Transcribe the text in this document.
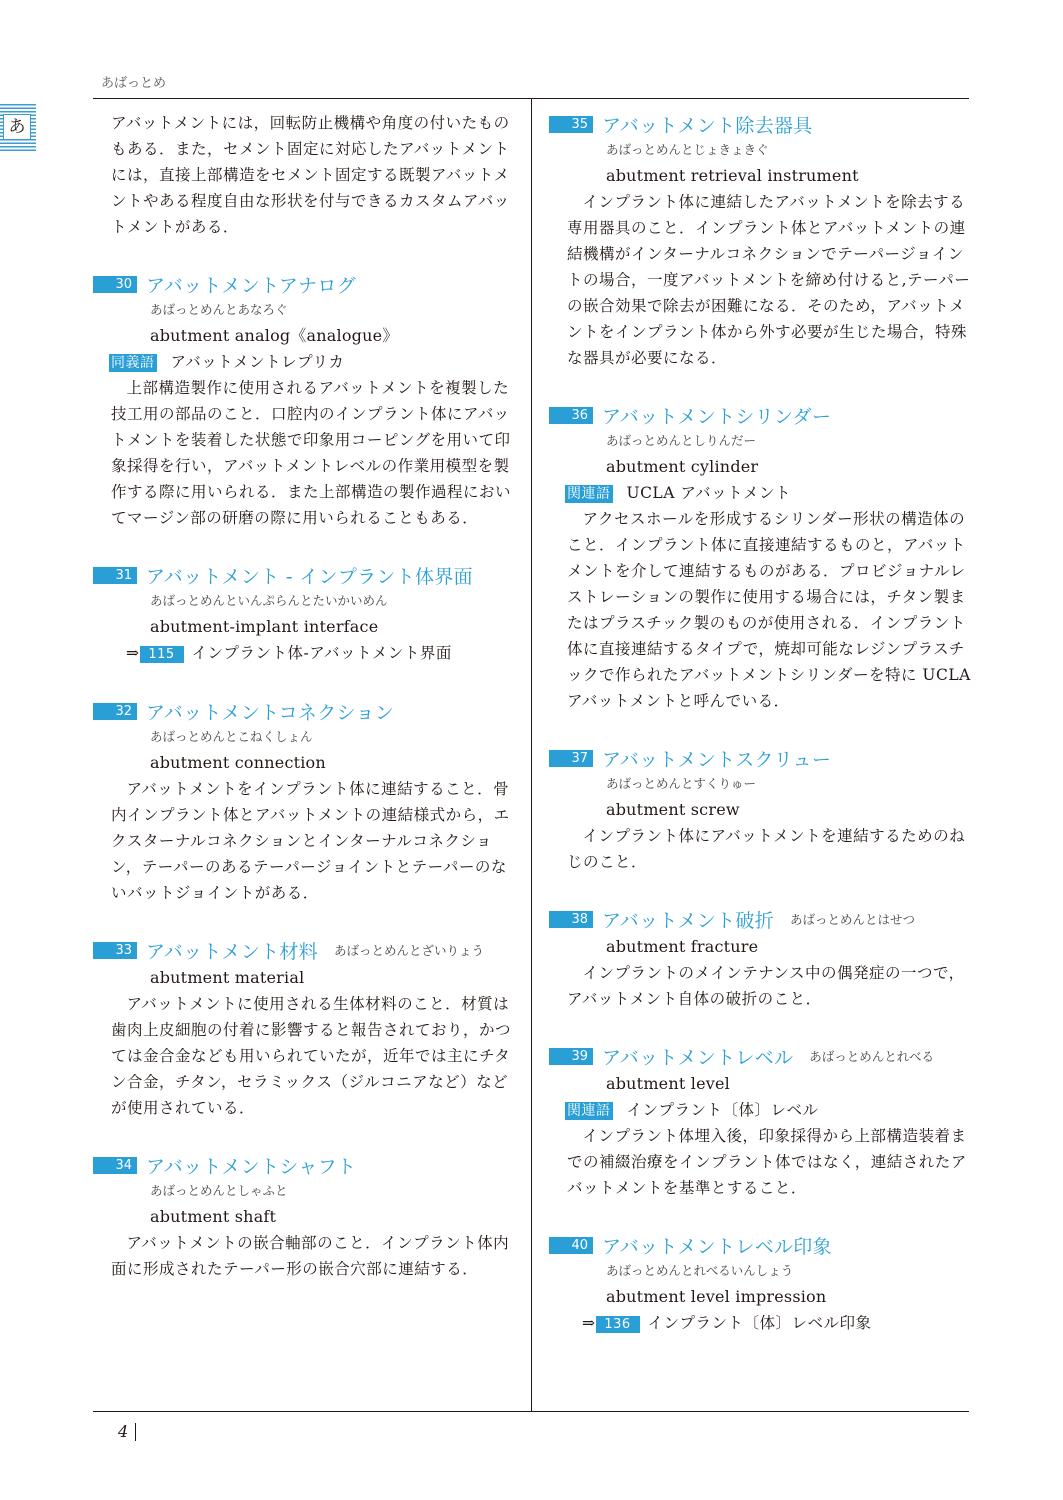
あばっとめ
あ	アバットメントには，回転防止機構や角度の付いたものもある．また，セメント固定に対応したアバットメントには，直接上部構造をセメント固定する既製アバットメントやある程度自由な形状を付与できるカスタムアバットメントがある．

30 アバットメントアナログ
あばっとめんとあなろぐ
abutment analog《analogue》
同義語 アバットメントレプリカ

上部構造製作に使用されるアバットメントを複製した技工用の部品のこと．口腔内のインプラント体にアバットメントを装着した状態で印象用コーピングを用いて印象採得を行い，アバットメントレベルの作業用模型を製作する際に用いられる．また上部構造の製作過程においてマージン部の研磨の際に用いられることもある．

31 アバットメント - インプラント体界面
あばっとめんといんぷらんとたいかいめん
abutment-implant interface
⇒ 115 インプラント体-アバットメント界面
32 アバットメントコネクション
あばっとめんとこねくしょん
abutment connection

アバットメントをインプラント体に連結すること．骨内インプラント体とアバットメントの連結様式から，エクスターナルコネクションとインターナルコネクション，テーパーのあるテーパージョイントとテーパーのないバットジョイントがある．

33 アバットメント材料 あばっとめんとざいりょう
abutment material

アバットメントに使用される生体材料のこと．材質は歯肉上皮細胞の付着に影響すると報告されており，かつては金合金なども用いられていたが，近年では主にチタン合金，チタン，セラミックス（ジルコニアなど）などが使用されている．

34 アバットメントシャフト
あばっとめんとしゃふと
abutment shaft

アバットメントの嵌合軸部のこと．インプラント体内面に形成されたテーパー形の嵌合穴部に連結する．

35 アバットメント除去器具
あばっとめんとじょきょきぐ
abutment retrieval instrument

インプラント体に連結したアバットメントを除去する専用器具のこと．インプラント体とアバットメントの連結機構がインターナルコネクションでテーパージョイントの場合，一度アバットメントを締め付けると,テーパーの嵌合効果で除去が困難になる．そのため，アバットメントをインプラント体から外す必要が生じた場合，特殊な器具が必要になる．

36 アバットメントシリンダー
あばっとめんとしりんだー
abutment cylinder
関連語 UCLA アバットメント

アクセスホールを形成するシリンダー形状の構造体のこと．インプラント体に直接連結するものと，アバットメントを介して連結するものがある．プロビジョナルレストレーションの製作に使用する場合には，チタン製またはプラスチック製のものが使用される．インプラント体に直接連結するタイプで，焼却可能なレジンプラスチックで作られたアバットメントシリンダーを特に UCLA アバットメントと呼んでいる．

37 アバットメントスクリュー
あばっとめんとすくりゅー
abutment screw

インプラント体にアバットメントを連結するためのねじのこと．

38 アバットメント破折 あばっとめんとはせつ
abutment fracture

インプラントのメインテナンス中の偶発症の一つで，アバットメント自体の破折のこと．

39 アバットメントレベル あばっとめんとれべる
abutment level
関連語 インプラント〔体〕レベル

インプラント体埋入後，印象採得から上部構造装着までの補綴治療をインプラント体ではなく，連結されたアバットメントを基準とすること．

40 アバットメントレベル印象
あばっとめんとれべるいんしょう
abutment level impression
⇒ 136 インプラント〔体〕レベル印象
4
